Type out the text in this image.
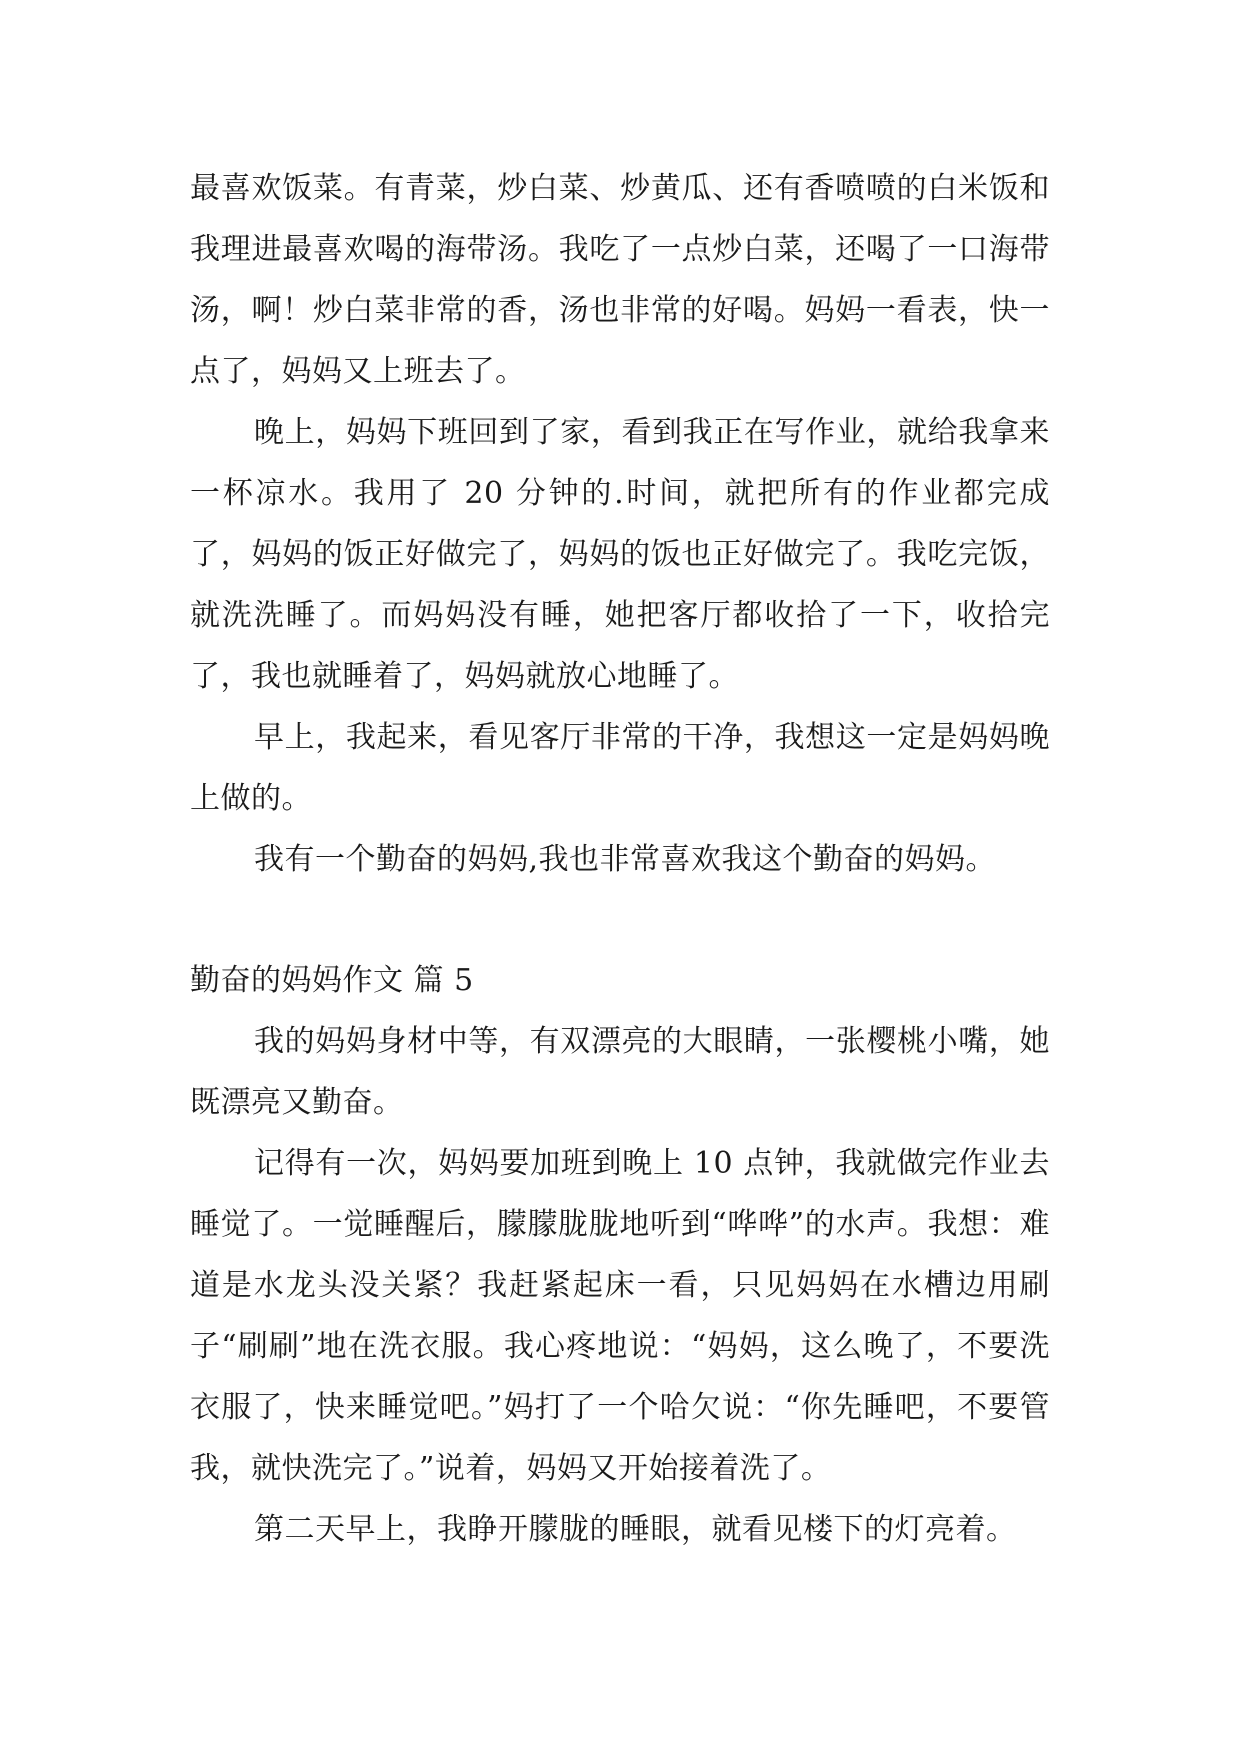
最喜欢饭菜。有青菜，炒白菜、炒黄瓜、还有香喷喷的白米饭和我理进最喜欢喝的海带汤。我吃了一点炒白菜，还喝了一口海带汤，啊！炒白菜非常的香，汤也非常的好喝。妈妈一看表，快一点了，妈妈又上班去了。

晚上，妈妈下班回到了家，看到我正在写作业，就给我拿来一杯凉水。我用了 20 分钟的.时间，就把所有的作业都完成了，妈妈的饭正好做完了，妈妈的饭也正好做完了。我吃完饭，就洗洗睡了。而妈妈没有睡，她把客厅都收拾了一下，收拾完了，我也就睡着了，妈妈就放心地睡了。

早上，我起来，看见客厅非常的干净，我想这一定是妈妈晚上做的。

我有一个勤奋的妈妈,我也非常喜欢我这个勤奋的妈妈。

勤奋的妈妈作文 篇 5

我的妈妈身材中等，有双漂亮的大眼睛，一张樱桃小嘴，她既漂亮又勤奋。

记得有一次，妈妈要加班到晚上 10 点钟，我就做完作业去睡觉了。一觉睡醒后，朦朦胧胧地听到“哗哗”的水声。我想：难道是水龙头没关紧？我赶紧起床一看，只见妈妈在水槽边用刷子“刷刷”地在洗衣服。我心疼地说：“妈妈，这么晚了，不要洗衣服了，快来睡觉吧。”妈打了一个哈欠说：“你先睡吧，不要管我，就快洗完了。”说着，妈妈又开始接着洗了。

第二天早上，我睁开朦胧的睡眼，就看见楼下的灯亮着。
